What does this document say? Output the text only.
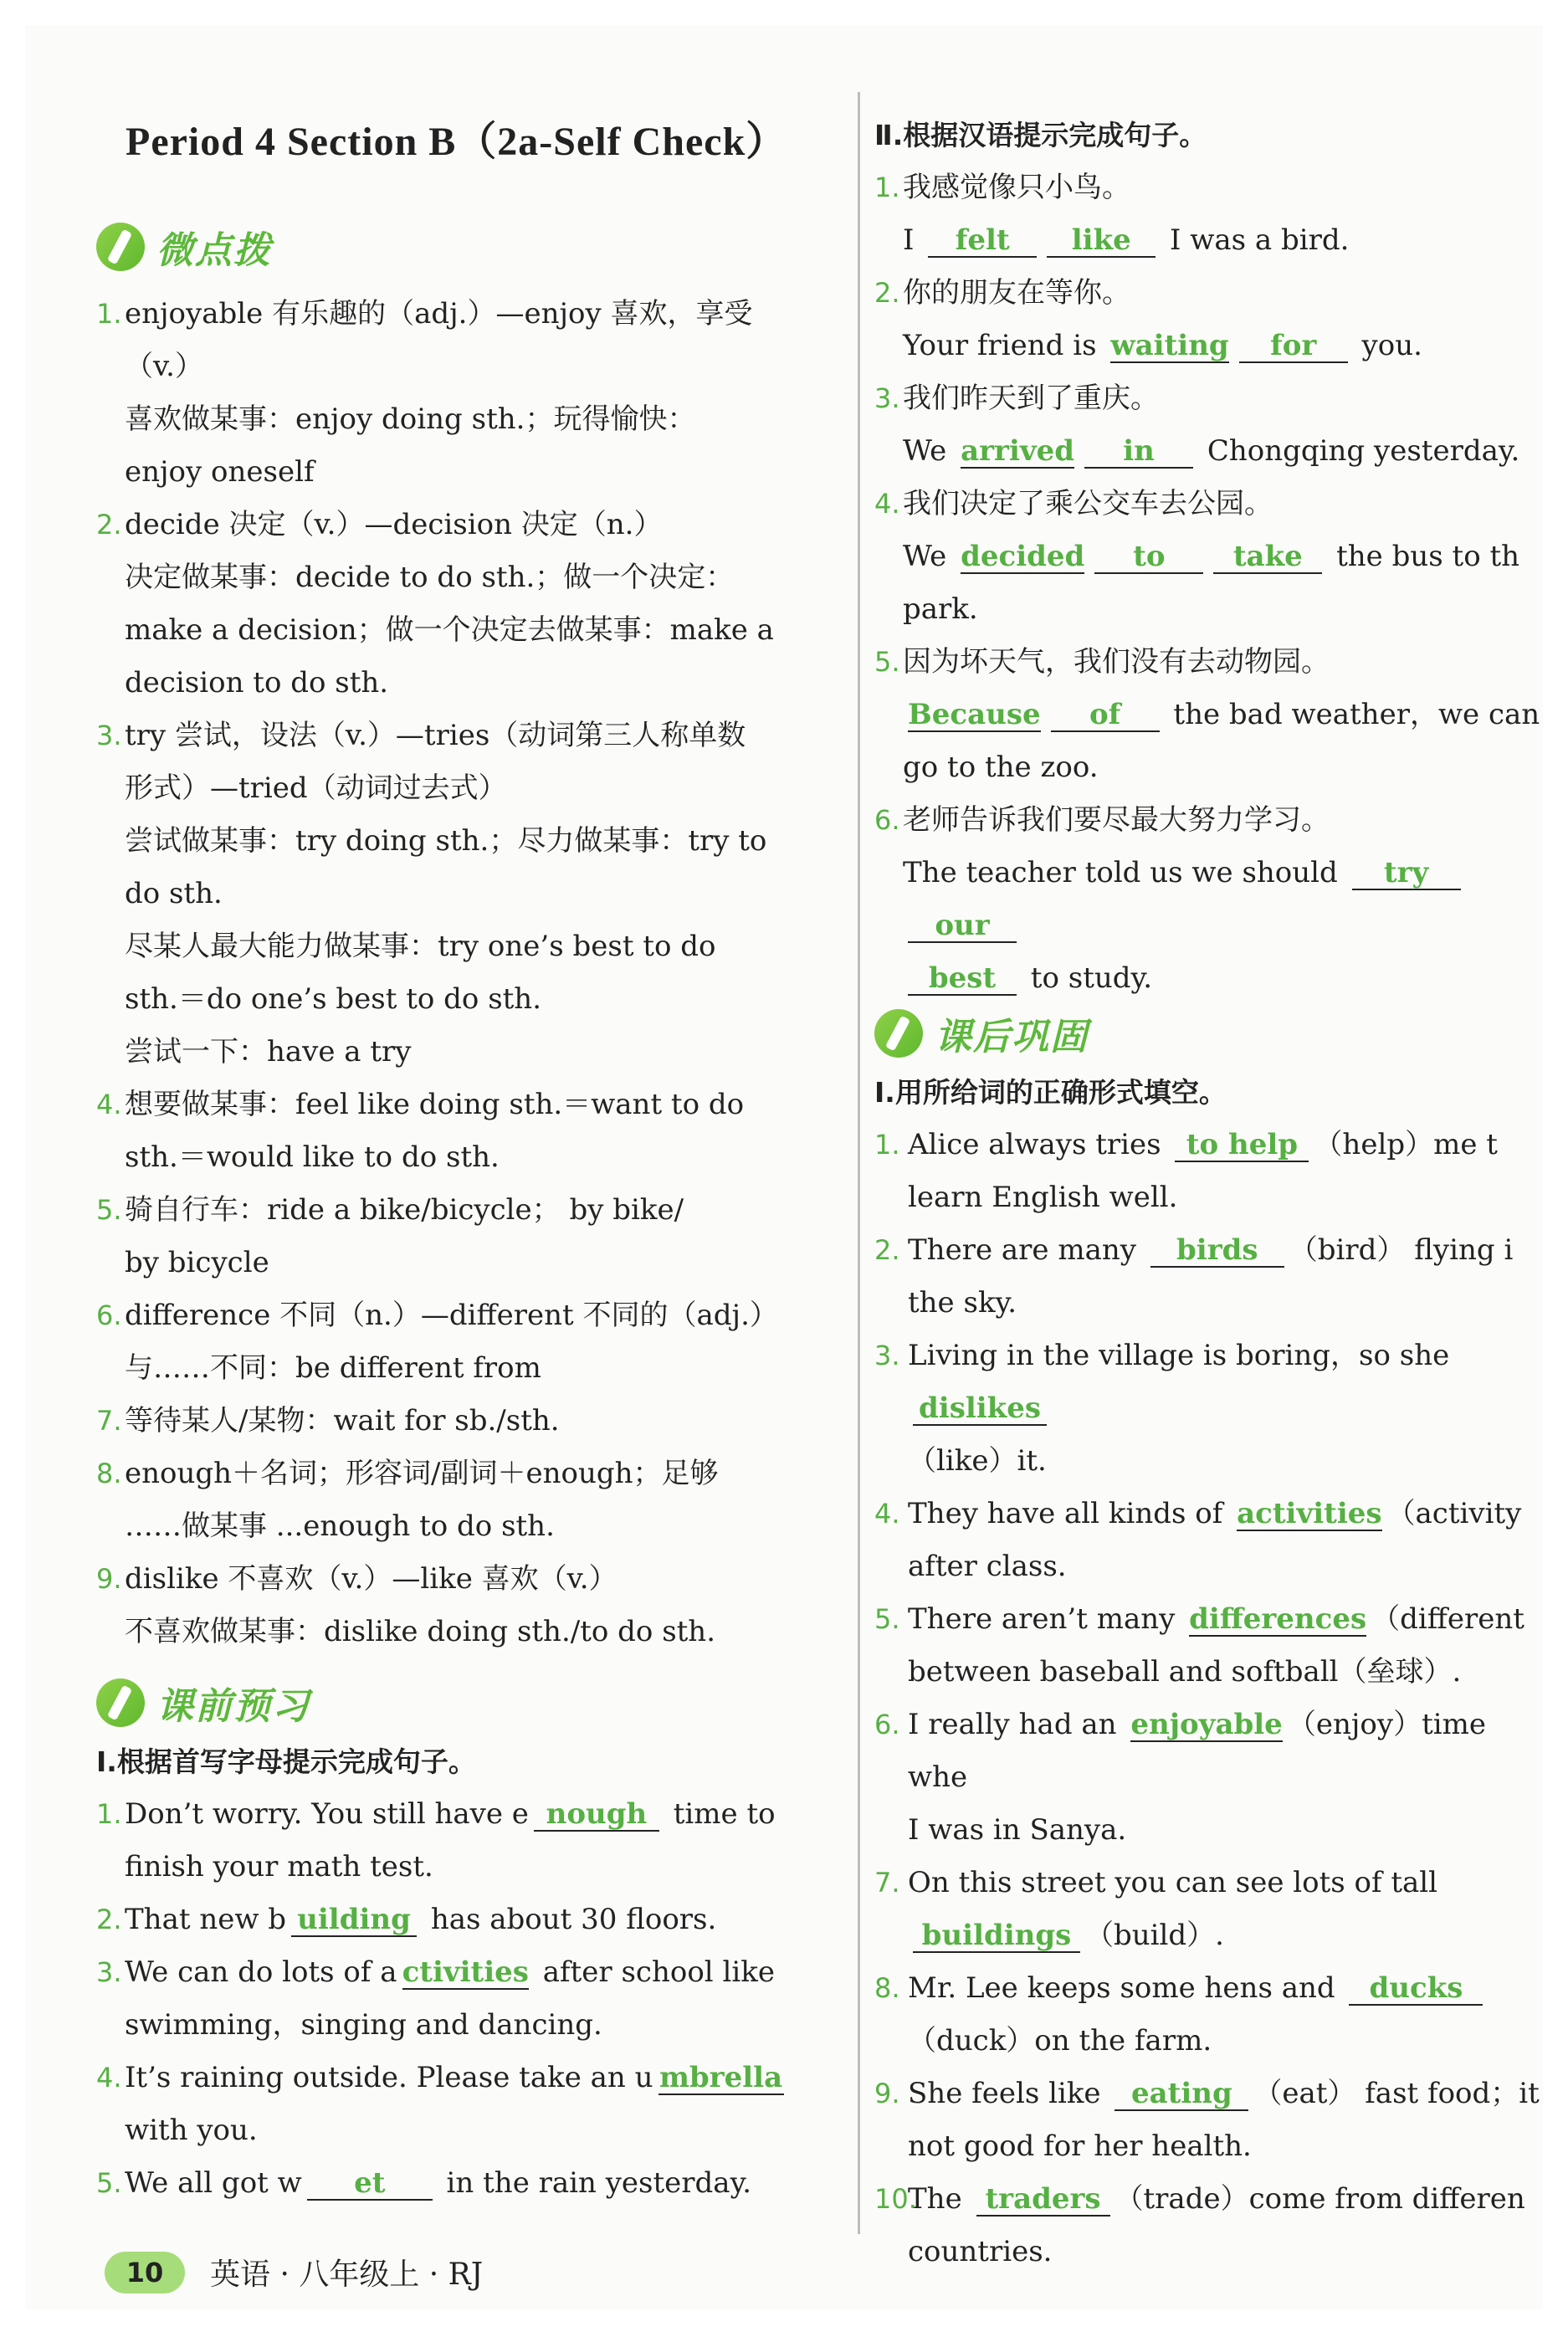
Period 4 Section B（2a-Self Check）
微点拨
1. enjoyable 有乐趣的（adj.）—enjoy 喜欢，享受
（v.）
喜欢做某事：enjoy doing sth.；玩得愉快：
enjoy oneself
2. decide 决定（v.）—decision 决定（n.）
决定做某事：decide to do sth.；做一个决定：
make a decision；做一个决定去做某事：make a
decision to do sth.
3. try 尝试，设法（v.）—tries（动词第三人称单数
形式）—tried（动词过去式）
尝试做某事：try doing sth.；尽力做某事：try to
do sth.
尽某人最大能力做某事：try one’s best to do
sth.＝do one’s best to do sth.
尝试一下：have a try
4. 想要做某事：feel like doing sth.＝want to do
sth.＝would like to do sth.
5. 骑自行车：ride a bike/bicycle； by bike/
by bicycle
6. difference 不同（n.）—different 不同的（adj.）
与……不同：be different from
7. 等待某人/某物：wait for sb./sth.
8. enough＋名词；形容词/副词＋enough；足够
……做某事 ...enough to do sth.
9. dislike 不喜欢（v.）—like 喜欢（v.）
不喜欢做某事：dislike doing sth./to do sth.
课前预习
Ⅰ.根据首写字母提示完成句子。
1. Don’t worry. You still have e nough time to
finish your math test.
2. That new b uilding has about 30 floors.
3. We can do lots of a ctivities after school like
swimming，singing and dancing.
4. It’s raining outside. Please take an u mbrella
with you.
5. We all got w et in the rain yesterday.
Ⅱ.根据汉语提示完成句子。
1. 我感觉像只小鸟。
I felt like I was a bird.
2. 你的朋友在等你。
Your friend is waiting for you.
3. 我们昨天到了重庆。
We arrived in Chongqing yesterday.
4. 我们决定了乘公交车去公园。
We decided to take the bus to th
park.
5. 因为坏天气，我们没有去动物园。
Because of the bad weather，we can
go to the zoo.
6. 老师告诉我们要尽最大努力学习。
The teacher told us we should tryour
best to study.
课后巩固
Ⅰ.用所给词的正确形式填空。
1. Alice always tries to help （help）me t
learn English well.
2. There are many birds （bird） flying i
the sky.
3. Living in the village is boring，so she dislikes
（like）it.
4. They have all kinds of activities （activity
after class.
5. There aren’t many differences （different
between baseball and softball（垒球）.
6. I really had an enjoyable （enjoy）time whe
I was in Sanya.
7. On this street you can see lots of tall
buildings （build）.
8. Mr. Lee keeps some hens and ducks
（duck）on the farm.
9. She feels like eating （eat） fast food；it
not good for her health.
10.
The traders （trade）come from differen
countries.
10	英语 · 八年级上 · RJ
